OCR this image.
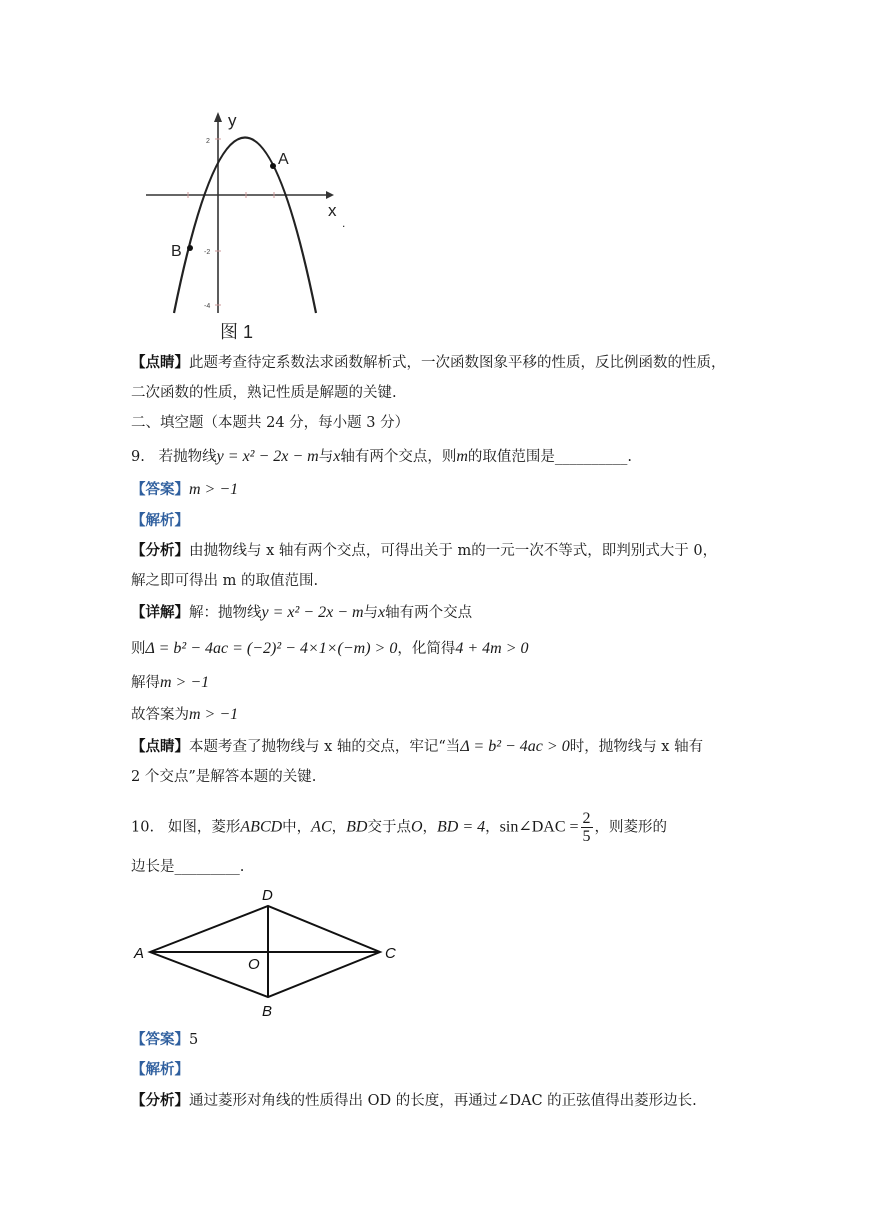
2
-2
-4
y
x
A
B
.
图 1
【点睛】此题考查待定系数法求函数解析式，一次函数图象平移的性质，反比例函数的性质，
二次函数的性质，熟记性质是解题的关键.
二、填空题（本题共 24 分，每小题 3 分）
9. 若抛物线y = x² − 2x − m与x轴有两个交点，则m的取值范围是__________.
【答案】m > −1
【解析】
【分析】由抛物线与 x 轴有两个交点，可得出关于 m的一元一次不等式，即判别式大于 0，
解之即可得出 m 的取值范围.
【详解】解：抛物线y = x² − 2x − m与x轴有两个交点
则Δ = b² − 4ac = (−2)² − 4×1×(−m) > 0，化简得4 + 4m > 0
解得m > −1
故答案为m > −1
【点睛】本题考查了抛物线与 x 轴的交点，牢记“当Δ = b² − 4ac > 0时，抛物线与 x 轴有
2 个交点”是解答本题的关键.
10. 如图，菱形ABCD中，AC，BD交于点O，BD = 4，sin∠DAC = $\frac{2}{5}$ ，则菱形的
边长是_________.
D
A	C
O
B
【答案】5
【解析】
【分析】通过菱形对角线的性质得出 OD 的长度，再通过∠DAC 的正弦值得出菱形边长.
